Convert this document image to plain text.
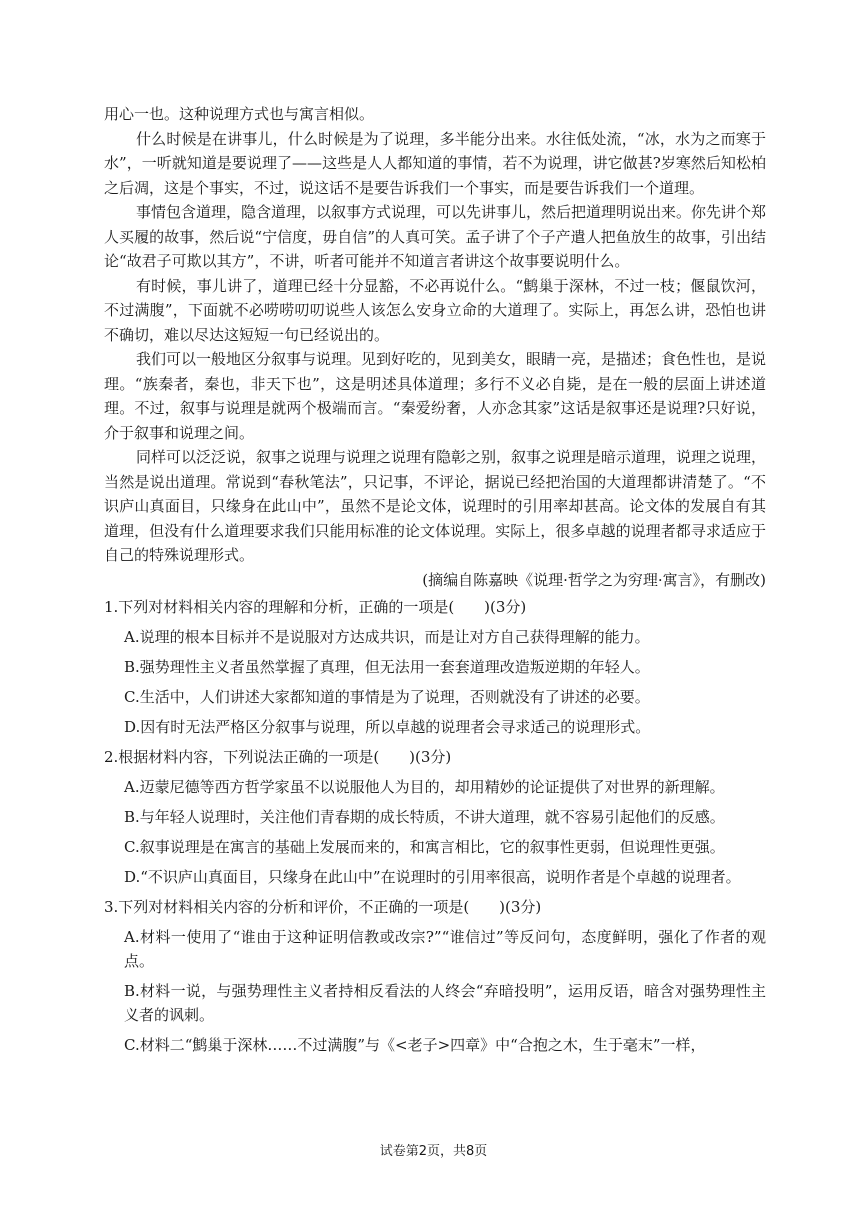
用心一也。这种说理方式也与寓言相似。

什么时候是在讲事儿，什么时候是为了说理，多半能分出来。水往低处流，“冰，水为之而寒于水”，一听就知道是要说理了——这些是人人都知道的事情，若不为说理，讲它做甚?岁寒然后知松柏之后凋，这是个事实，不过，说这话不是要告诉我们一个事实，而是要告诉我们一个道理。

事情包含道理，隐含道理，以叙事方式说理，可以先讲事儿，然后把道理明说出来。你先讲个郑人买履的故事，然后说“宁信度，毋自信”的人真可笑。孟子讲了个子产遣人把鱼放生的故事，引出结论“故君子可欺以其方”，不讲，听者可能并不知道言者讲这个故事要说明什么。

有时候，事儿讲了，道理已经十分显豁，不必再说什么。“鹪巢于深林，不过一枝；偃鼠饮河，不过满腹”，下面就不必唠唠叨叨说些人该怎么安身立命的大道理了。实际上，再怎么讲，恐怕也讲不确切，难以尽达这短短一句已经说出的。

我们可以一般地区分叙事与说理。见到好吃的，见到美女，眼睛一亮，是描述；食色性也，是说理。“族秦者，秦也，非天下也”，这是明述具体道理；多行不义必自毙，是在一般的层面上讲述道理。不过，叙事与说理是就两个极端而言。“秦爱纷奢，人亦念其家”这话是叙事还是说理?只好说，介于叙事和说理之间。

同样可以泛泛说，叙事之说理与说理之说理有隐彰之别，叙事之说理是暗示道理，说理之说理，当然是说出道理。常说到“春秋笔法”，只记事，不评论，据说已经把治国的大道理都讲清楚了。“不识庐山真面目，只缘身在此山中”，虽然不是论文体，说理时的引用率却甚高。论文体的发展自有其道理，但没有什么道理要求我们只能用标准的论文体说理。实际上，很多卓越的说理者都寻求适应于自己的特殊说理形式。

(摘编自陈嘉映《说理·哲学之为穷理·寓言》，有删改)

1.下列对材料相关内容的理解和分析，正确的一项是(　　)(3分)

A.说理的根本目标并不是说服对方达成共识，而是让对方自己获得理解的能力。

B.强势理性主义者虽然掌握了真理，但无法用一套套道理改造叛逆期的年轻人。

C.生活中，人们讲述大家都知道的事情是为了说理，否则就没有了讲述的必要。

D.因有时无法严格区分叙事与说理，所以卓越的说理者会寻求适己的说理形式。

2.根据材料内容，下列说法正确的一项是(　　)(3分)

A.迈蒙尼德等西方哲学家虽不以说服他人为目的，却用精妙的论证提供了对世界的新理解。

B.与年轻人说理时，关注他们青春期的成长特质，不讲大道理，就不容易引起他们的反感。

C.叙事说理是在寓言的基础上发展而来的，和寓言相比，它的叙事性更弱，但说理性更强。

D.“不识庐山真面目，只缘身在此山中”在说理时的引用率很高，说明作者是个卓越的说理者。

3.下列对材料相关内容的分析和评价，不正确的一项是(　　)(3分)

A.材料一使用了“谁由于这种证明信教或改宗?”“谁信过”等反问句，态度鲜明，强化了作者的观点。

B.材料一说，与强势理性主义者持相反看法的人终会“弃暗投明”，运用反语，暗含对强势理性主义者的讽刺。

C.材料二“鹪巢于深林……不过满腹”与《<老子>四章》中“合抱之木，生于毫末”一样，

试卷第2页，共8页
